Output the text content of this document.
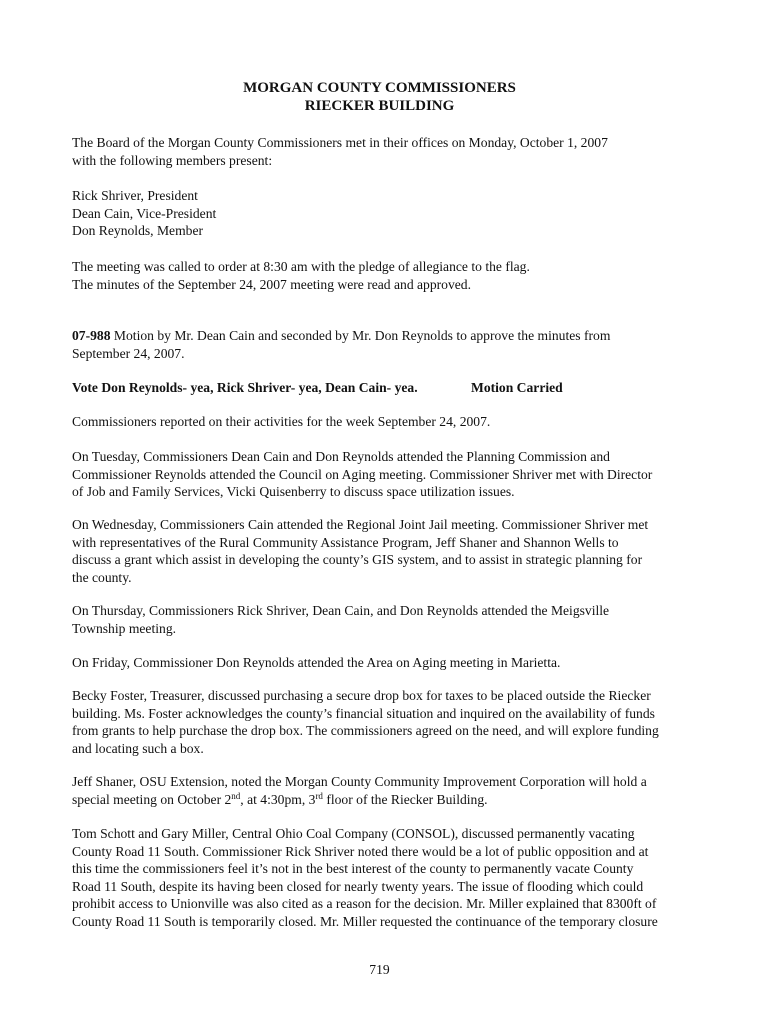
MORGAN COUNTY COMMISSIONERS
RIECKER BUILDING
The Board of the Morgan County Commissioners met in their offices on Monday, October 1, 2007
with the following members present:
Rick Shriver, President
Dean Cain, Vice-President
Don Reynolds, Member
The meeting was called to order at 8:30 am with the pledge of allegiance to the flag.
The minutes of the September 24, 2007 meeting were read and approved.
07-988 Motion by Mr. Dean Cain and seconded by Mr. Don Reynolds to approve the minutes from
September 24, 2007.
Vote Don Reynolds- yea, Rick Shriver- yea, Dean Cain- yea.	Motion Carried
Commissioners reported on their activities for the week September 24, 2007.
On Tuesday, Commissioners Dean Cain and Don Reynolds attended the Planning Commission and
Commissioner Reynolds attended the Council on Aging meeting. Commissioner Shriver met with Director
of Job and Family Services, Vicki Quisenberry to discuss space utilization issues.
On Wednesday, Commissioners Cain attended the Regional Joint Jail meeting. Commissioner Shriver met
with representatives of the Rural Community Assistance Program, Jeff Shaner and Shannon Wells to
discuss a grant which assist in developing the county’s GIS system, and to assist in strategic planning for
the county.
On Thursday, Commissioners Rick Shriver, Dean Cain, and Don Reynolds attended the Meigsville
Township meeting.
On Friday, Commissioner Don Reynolds attended the Area on Aging meeting in Marietta.
Becky Foster, Treasurer, discussed purchasing a secure drop box for taxes to be placed outside the Riecker
building. Ms. Foster acknowledges the county’s financial situation and inquired on the availability of funds
from grants to help purchase the drop box. The commissioners agreed on the need, and will explore funding
and locating such a box.
Jeff Shaner, OSU Extension, noted the Morgan County Community Improvement Corporation will hold a
special meeting on October 2nd, at 4:30pm, 3rd floor of the Riecker Building.
Tom Schott and Gary Miller, Central Ohio Coal Company (CONSOL), discussed permanently vacating
County Road 11 South. Commissioner Rick Shriver noted there would be a lot of public opposition and at
this time the commissioners feel it’s not in the best interest of the county to permanently vacate County
Road 11 South, despite its having been closed for nearly twenty years. The issue of flooding which could
prohibit access to Unionville was also cited as a reason for the decision. Mr. Miller explained that 8300ft of
County Road 11 South is temporarily closed. Mr. Miller requested the continuance of the temporary closure
719
